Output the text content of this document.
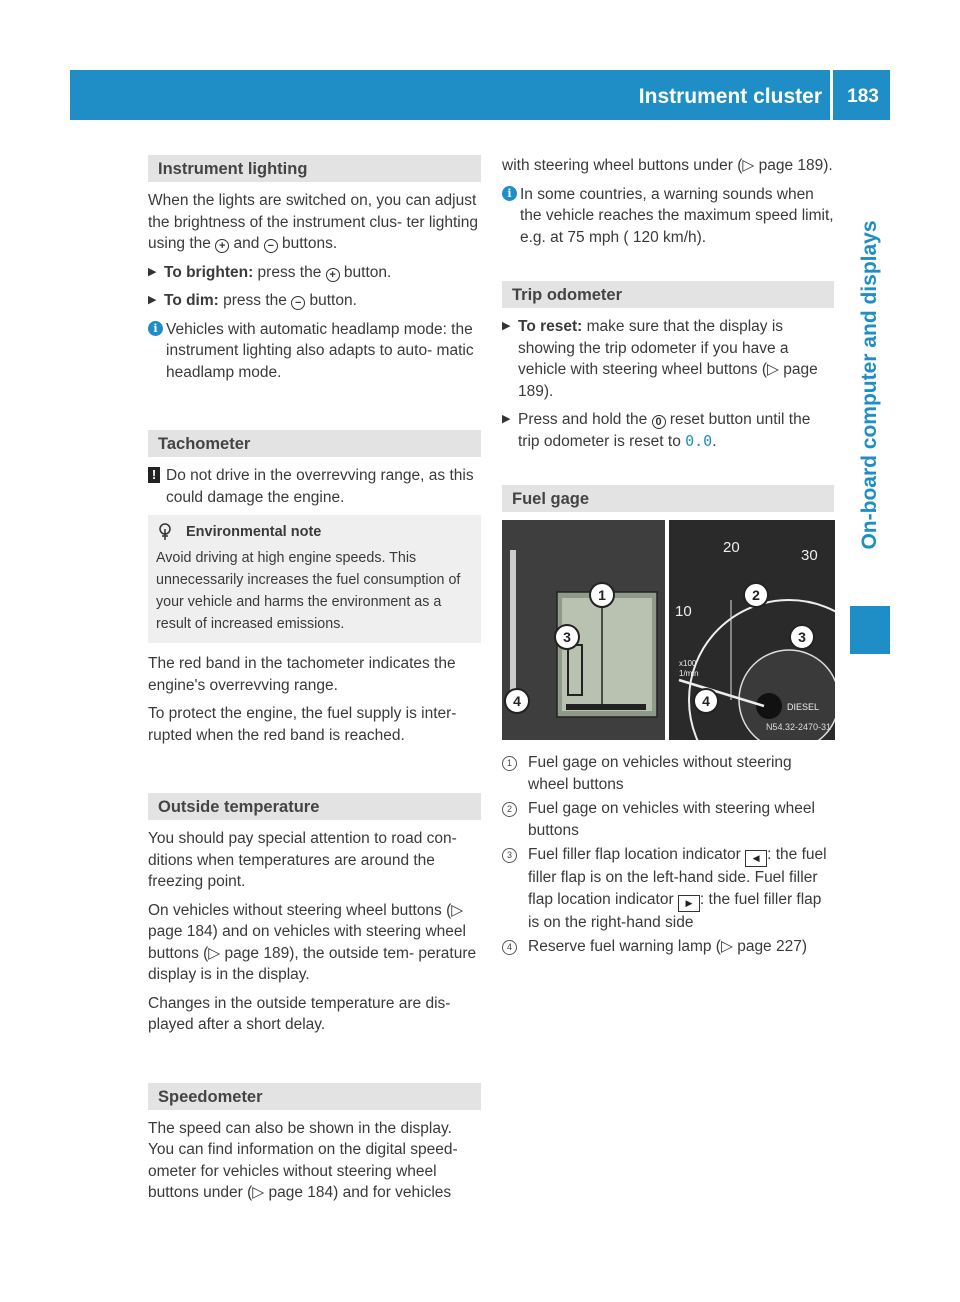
Instrument cluster	183
On-board computer and displays
Instrument lighting

When the lights are switched on, you can adjust the brightness of the instrument clus- ter lighting using the + and − buttons.

▶ To brighten: press the + button.
▶ To dim: press the − button.
i Vehicles with automatic headlamp mode: the instrument lighting also adapts to auto- matic headlamp mode.
Tachometer
! Do not drive in the overrevving range, as this could damage the engine.
Environmental note
Avoid driving at high engine speeds. This unnecessarily increases the fuel consumption of your vehicle and harms the environment as a result of increased emissions.

The red band in the tachometer indicates the engine's overrevving range.

To protect the engine, the fuel supply is inter- rupted when the red band is reached.

Outside temperature

You should pay special attention to road con- ditions when temperatures are around the freezing point.

On vehicles without steering wheel buttons (▷ page 184) and on vehicles with steering wheel buttons (▷ page 189), the outside tem- perature display is in the display.

Changes in the outside temperature are dis- played after a short delay.

Speedometer

The speed can also be shown in the display. You can find information on the digital speed- ometer for vehicles without steering wheel buttons under (▷ page 184) and for vehicles

with steering wheel buttons under (▷ page 189).

i In some countries, a warning sounds when the vehicle reaches the maximum speed limit, e.g. at 75 mph ( 120 km/h).
Trip odometer
▶ To reset: make sure that the display is showing the trip odometer if you have a vehicle with steering wheel buttons (▷ page 189).
▶ Press and hold the 0 reset button until the trip odometer is reset to 0.0.
Fuel gage
1
3
4
20	30
10
x100
1/min
DIESEL
2
3
4
N54.32-2470-31
1	Fuel gage on vehicles without steering wheel buttons
2	Fuel gage on vehicles with steering wheel buttons
3	Fuel filler flap location indicator ◀ : the fuel filler flap is on the left-hand side. Fuel filler flap location indicator ▶ : the fuel filler flap is on the right-hand side
4	Reserve fuel warning lamp (▷ page 227)
